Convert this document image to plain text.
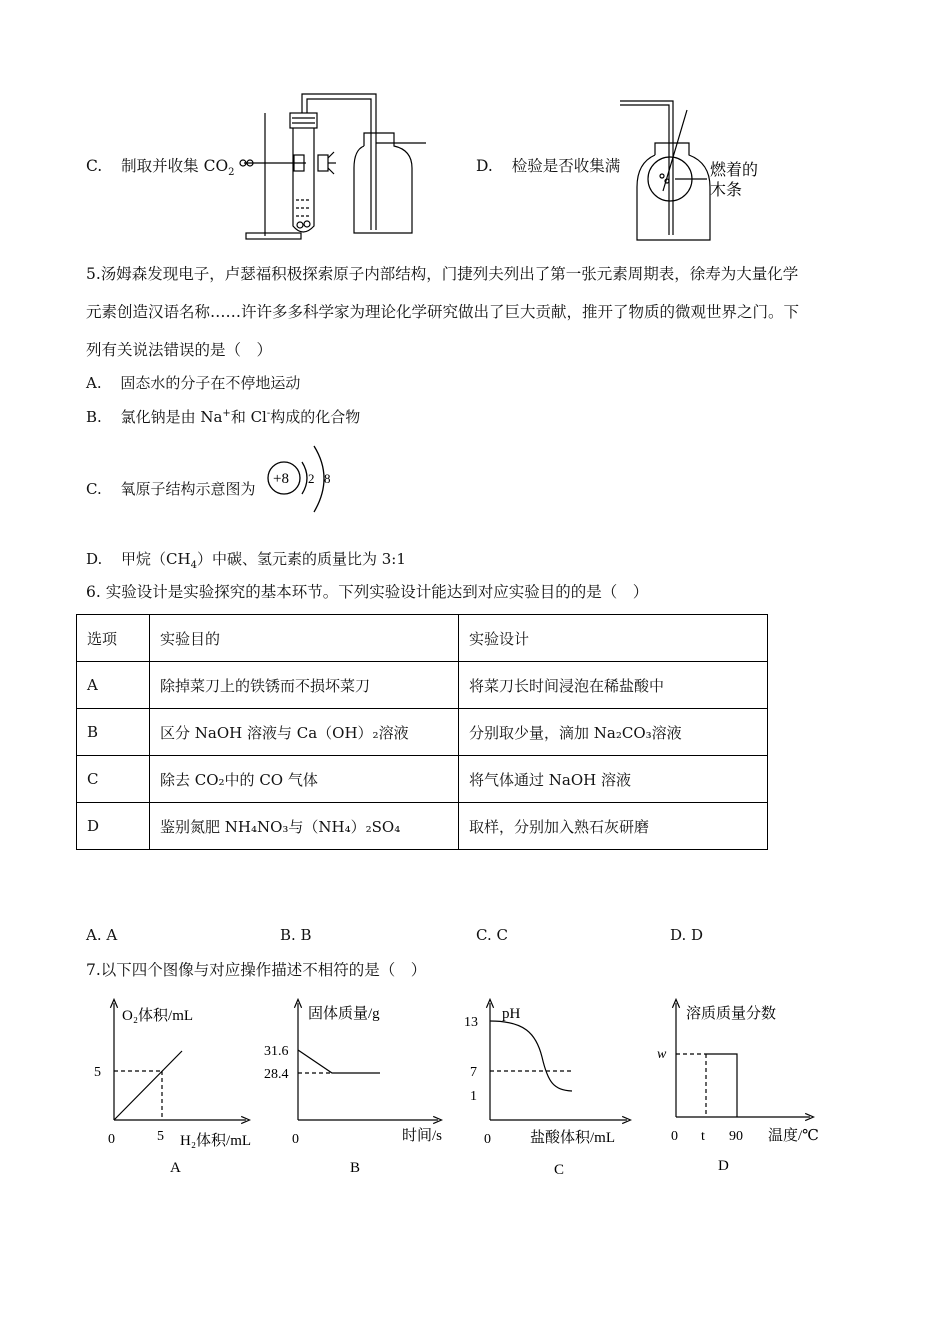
C. 制取并收集 $CO_2$	D. 检验是否收集满	燃着的
木条
5.汤姆森发现电子，卢瑟福积极探索原子内部结构，门捷列夫列出了第一张元素周期表，徐寿为大量化学
元素创造汉语名称……许许多多科学家为理论化学研究做出了巨大贡献，推开了物质的微观世界之门。下
列有关说法错误的是（　）
A. 固态水的分子在不停地运动
B. 氯化钠是由 Na+和 Cl-构成的化合物
C. 氧原子结构示意图为
+8 2 8
D. 甲烷$(CH_4)$中碳、氢元素的质量比为 3:1
6. 实验设计是实验探究的基本环节。下列实验设计能达到对应实验目的的是（　）
选项	实验目的	实验设计
A	除掉菜刀上的铁锈而不损坏菜刀	将菜刀长时间浸泡在稀盐酸中
B	区分 NaOH 溶液与 Ca（OH）₂溶液	分别取少量，滴加 Na₂CO₃溶液
C	除去 CO₂中的 CO 气体	将气体通过 NaOH 溶液
D	鉴别氮肥 NH₄NO₃与（NH₄）₂SO₄	取样，分别加入熟石灰研磨
A. A	B. B	C. C	D. D
7.以下四个图像与对应操作描述不相符的是（　）
O₂体积/mL
5
0	5 H₂体积/mL
A
固体质量/g
31.6
28.4
0	时间/s
B
pH
13
7
1
0	盐酸体积/mL
C
溶质质量分数
w
0 t 90 温度/℃
D
